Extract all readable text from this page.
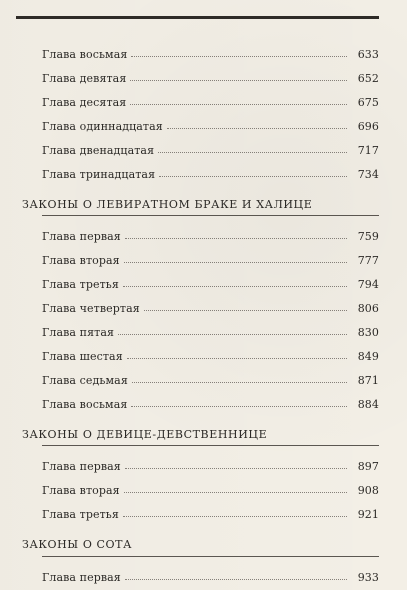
Глава восьмая	633
Глава девятая	652
Глава десятая	675
Глава одиннадцатая	696
Глава двенадцатая	717
Глава тринадцатая	734
ЗАКОНЫ О ЛЕВИРАТНОМ БРАКЕ И ХАЛИЦЕ
Глава первая	759
Глава вторая	777
Глава третья	794
Глава четвертая	806
Глава пятая	830
Глава шестая	849
Глава седьмая	871
Глава восьмая	884
ЗАКОНЫ О ДЕВИЦЕ-ДЕВСТВЕННИЦЕ
Глава первая	897
Глава вторая	908
Глава третья	921
ЗАКОНЫ О СОТА
Глава первая	933
